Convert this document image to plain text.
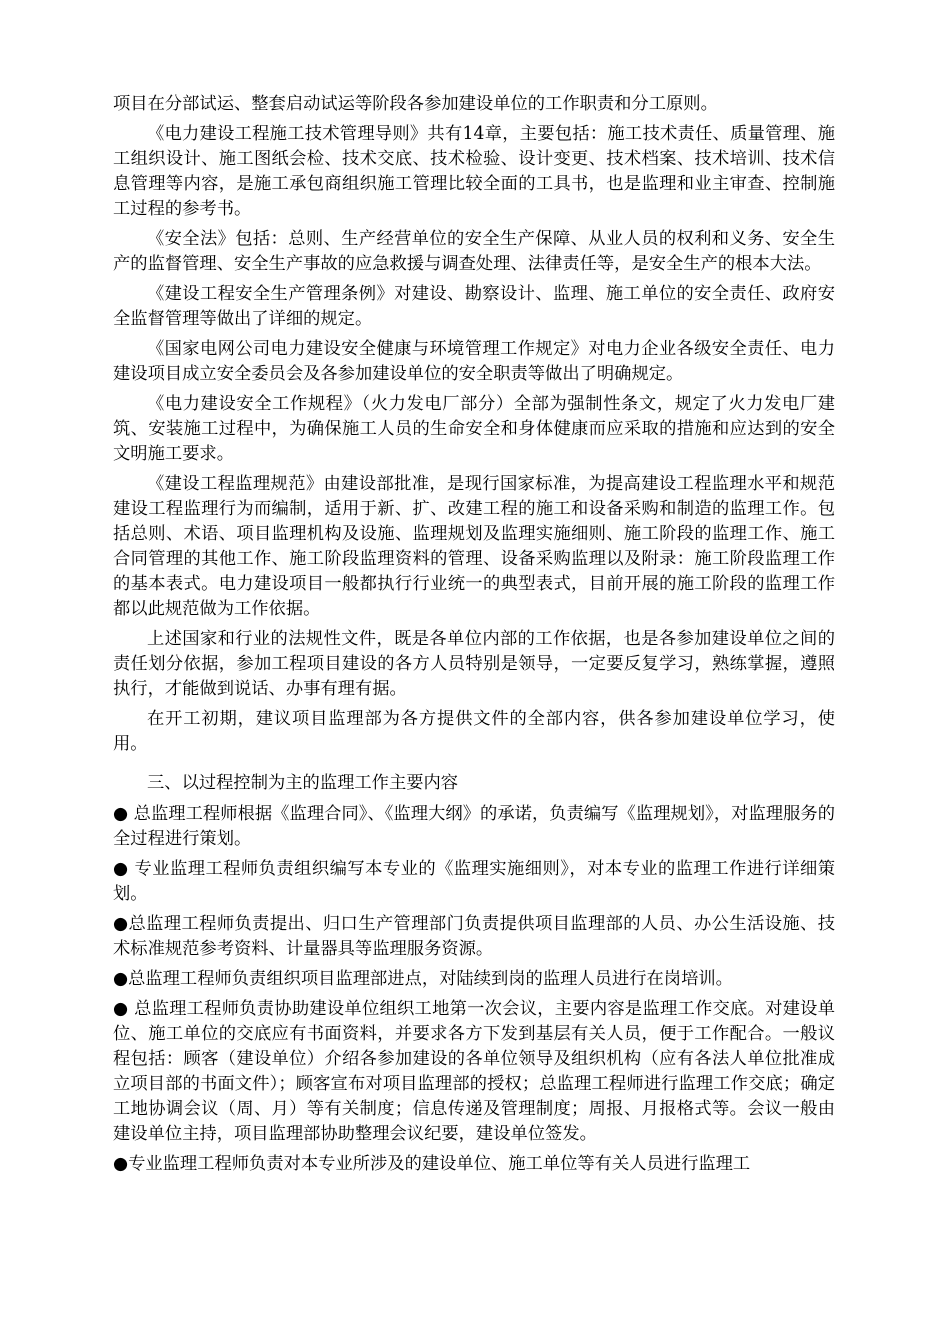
项目在分部试运、整套启动试运等阶段各参加建设单位的工作职责和分工原则。

《电力建设工程施工技术管理导则》共有14章，主要包括：施工技术责任、质量管理、施工组织设计、施工图纸会检、技术交底、技术检验、设计变更、技术档案、技术培训、技术信息管理等内容，是施工承包商组织施工管理比较全面的工具书，也是监理和业主审查、控制施工过程的参考书。

《安全法》包括：总则、生产经营单位的安全生产保障、从业人员的权利和义务、安全生产的监督管理、安全生产事故的应急救援与调查处理、法律责任等，是安全生产的根本大法。

《建设工程安全生产管理条例》对建设、勘察设计、监理、施工单位的安全责任、政府安全监督管理等做出了详细的规定。

《国家电网公司电力建设安全健康与环境管理工作规定》对电力企业各级安全责任、电力建设项目成立安全委员会及各参加建设单位的安全职责等做出了明确规定。

《电力建设安全工作规程》（火力发电厂部分）全部为强制性条文，规定了火力发电厂建筑、安装施工过程中，为确保施工人员的生命安全和身体健康而应采取的措施和应达到的安全文明施工要求。

《建设工程监理规范》由建设部批准，是现行国家标准，为提高建设工程监理水平和规范建设工程监理行为而编制，适用于新、扩、改建工程的施工和设备采购和制造的监理工作。包括总则、术语、项目监理机构及设施、监理规划及监理实施细则、施工阶段的监理工作、施工合同管理的其他工作、施工阶段监理资料的管理、设备采购监理以及附录：施工阶段监理工作的基本表式。电力建设项目一般都执行行业统一的典型表式，目前开展的施工阶段的监理工作都以此规范做为工作依据。

上述国家和行业的法规性文件，既是各单位内部的工作依据，也是各参加建设单位之间的责任划分依据，参加工程项目建设的各方人员特别是领导，一定要反复学习，熟练掌握，遵照执行，才能做到说话、办事有理有据。

在开工初期，建议项目监理部为各方提供文件的全部内容，供各参加建设单位学习，使用。

三、以过程控制为主的监理工作主要内容

● 总监理工程师根据《监理合同》、《监理大纲》的承诺，负责编写《监理规划》，对监理服务的全过程进行策划。

● 专业监理工程师负责组织编写本专业的《监理实施细则》，对本专业的监理工作进行详细策划。

●总监理工程师负责提出、归口生产管理部门负责提供项目监理部的人员、办公生活设施、技术标准规范参考资料、计量器具等监理服务资源。

●总监理工程师负责组织项目监理部进点，对陆续到岗的监理人员进行在岗培训。

● 总监理工程师负责协助建设单位组织工地第一次会议，主要内容是监理工作交底。对建设单位、施工单位的交底应有书面资料，并要求各方下发到基层有关人员，便于工作配合。一般议程包括：顾客（建设单位）介绍各参加建设的各单位领导及组织机构（应有各法人单位批准成立项目部的书面文件）；顾客宣布对项目监理部的授权；总监理工程师进行监理工作交底；确定工地协调会议（周、月）等有关制度；信息传递及管理制度；周报、月报格式等。会议一般由建设单位主持，项目监理部协助整理会议纪要，建设单位签发。

●专业监理工程师负责对本专业所涉及的建设单位、施工单位等有关人员进行监理工
